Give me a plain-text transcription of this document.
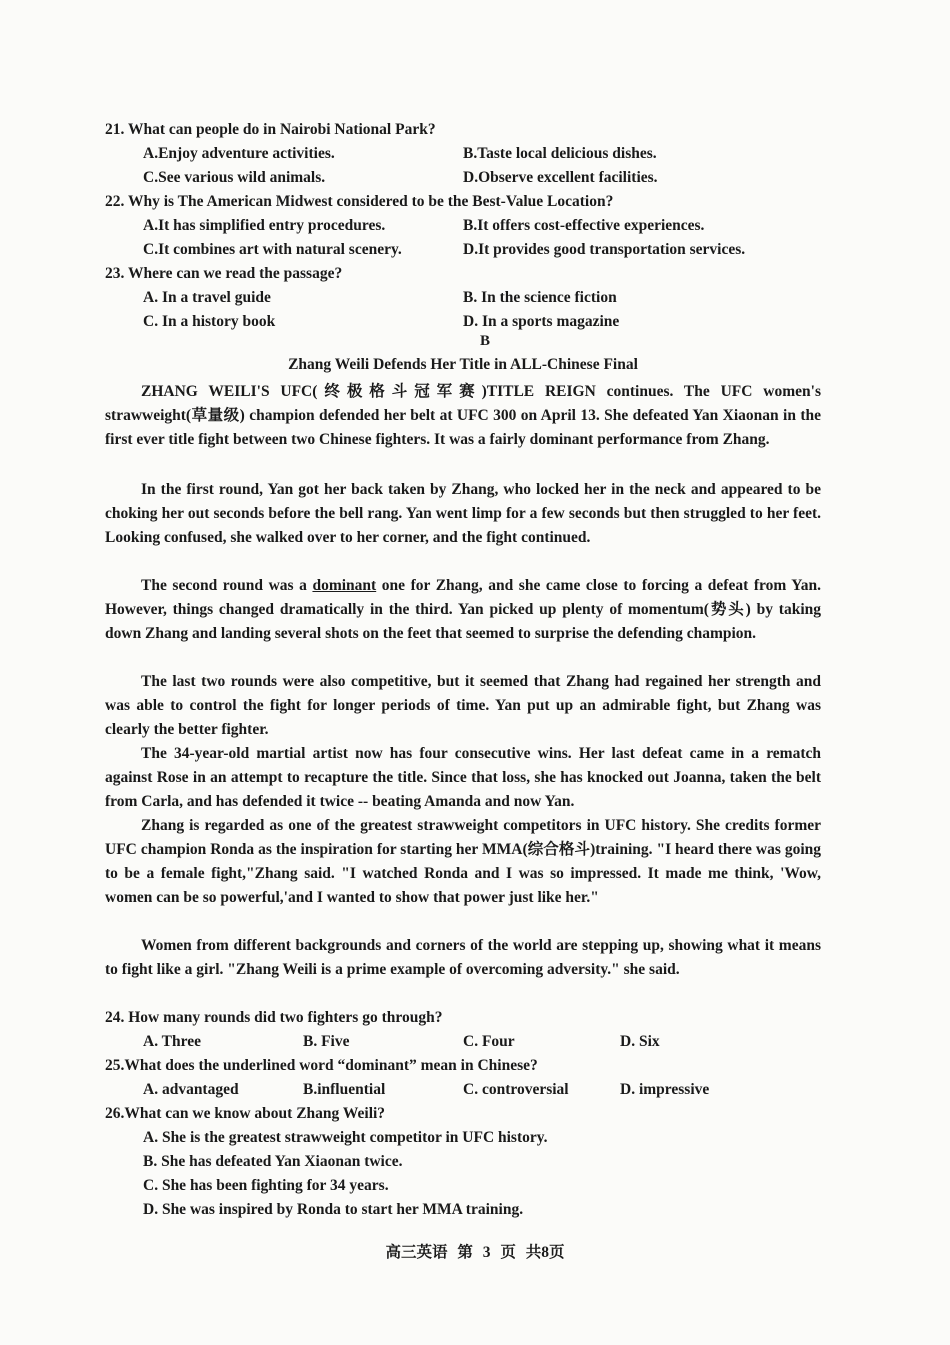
21. What can people do in Nairobi National Park?
A.Enjoy adventure activities.	B.Taste local delicious dishes.
C.See various wild animals.	D.Observe excellent facilities.
22. Why is The American Midwest considered to be the Best-Value Location?
A.It has simplified entry procedures.	B.It offers cost-effective experiences.
C.It combines art with natural scenery.	D.It provides good transportation services.
23. Where can we read the passage?
A. In a travel guide	B. In the science fiction
C. In a history book	D. In a sports magazine
B
Zhang Weili Defends Her Title in ALL-Chinese Final

ZHANG WEILI'S UFC(终极格斗冠军赛)TITLE REIGN continues. The UFC women's strawweight(草量级) champion defended her belt at UFC 300 on April 13. She defeated Yan Xiaonan in the first ever title fight between two Chinese fighters. It was a fairly dominant performance from Zhang.

In the first round, Yan got her back taken by Zhang, who locked her in the neck and appeared to be choking her out seconds before the bell rang. Yan went limp for a few seconds but then struggled to her feet. Looking confused, she walked over to her corner, and the fight continued.

The second round was a dominant one for Zhang, and she came close to forcing a defeat from Yan. However, things changed dramatically in the third. Yan picked up plenty of momentum(势头) by taking down Zhang and landing several shots on the feet that seemed to surprise the defending champion.

The last two rounds were also competitive, but it seemed that Zhang had regained her strength and was able to control the fight for longer periods of time. Yan put up an admirable fight, but Zhang was clearly the better fighter.

The 34-year-old martial artist now has four consecutive wins. Her last defeat came in a rematch against Rose in an attempt to recapture the title. Since that loss, she has knocked out Joanna, taken the belt from Carla, and has defended it twice -- beating Amanda and now Yan.

Zhang is regarded as one of the greatest strawweight competitors in UFC history. She credits former UFC champion Ronda as the inspiration for starting her MMA(综合格斗)training. "I heard there was going to be a female fight,"Zhang said. "I watched Ronda and I was so impressed. It made me think, 'Wow, women can be so powerful,'and I wanted to show that power just like her."

Women from different backgrounds and corners of the world are stepping up, showing what it means to fight like a girl. "Zhang Weili is a prime example of overcoming adversity." she said.

24. How many rounds did two fighters go through?
A. Three	B. Five	C. Four	D. Six
25.What does the underlined word “dominant” mean in Chinese?
A. advantaged	B.influential	C. controversial	D. impressive
26.What can we know about Zhang Weili?
A. She is the greatest strawweight competitor in UFC history.
B. She has defeated Yan Xiaonan twice.
C. She has been fighting for 34 years.
D. She was inspired by Ronda to start her MMA training.
高三英语 第 3 页 共8页
